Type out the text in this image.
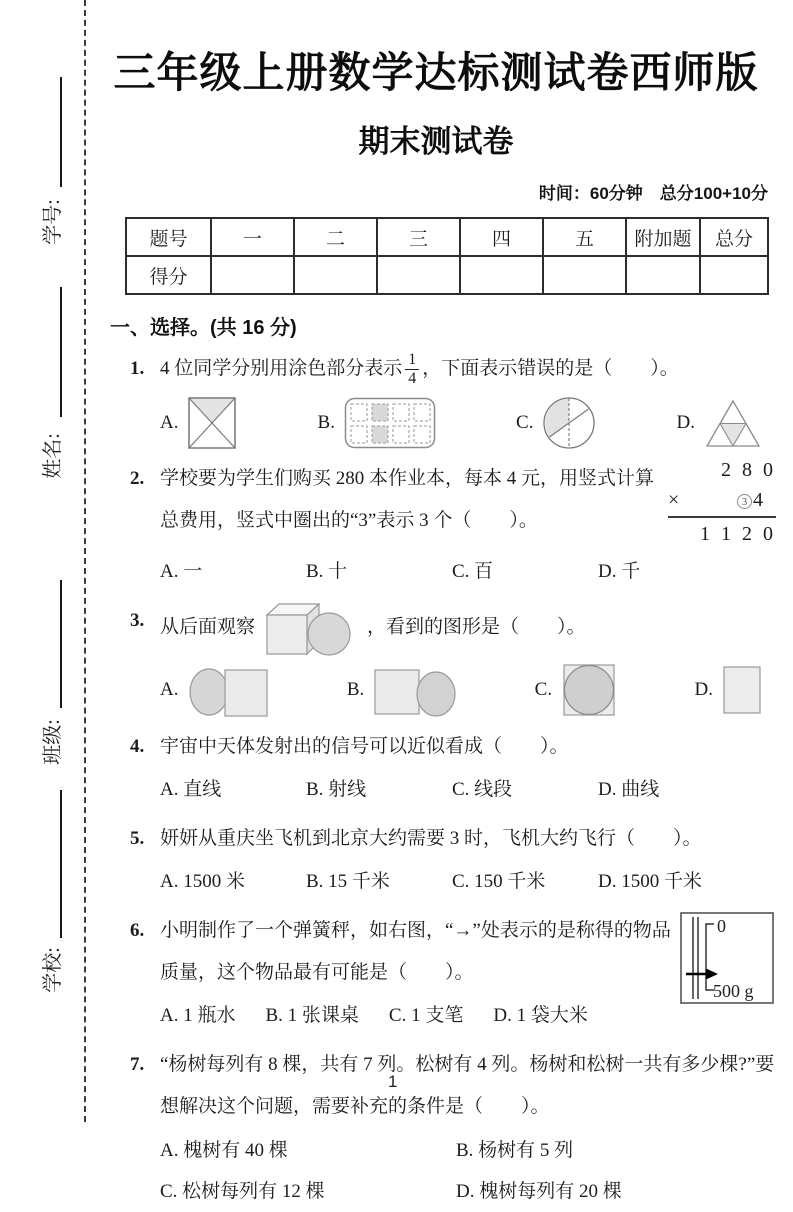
学号:
姓名:
班级:
学校:
三年级上册数学达标测试卷西师版
期末测试卷
时间：60分钟　总分100+10分
题号	一	二	三	四	五	附加题	总分
得分							
一、选择。(共 16 分)
1. 4 位同学分别用涂色部分表示 $\frac{1}{4}$ ，下面表示错误的是（　　）。
A.	B.	C.	D.
2. 学校要为学生们购买 280 本作业本，每本 4 元，用竖式计算总费用，竖式中圈出的“3”表示 3 个（　　）。
2 8 0
×	3 4
1 1 2 0
A. 一	B. 十	C. 百	D. 千
3. 从后面观察	，看到的图形是（　　）。
A.	B.	C.	D.
4. 宇宙中天体发射出的信号可以近似看成（　　）。
A. 直线	B. 射线	C. 线段	D. 曲线
5. 妍妍从重庆坐飞机到北京大约需要 3 时，飞机大约飞行（　　）。
A. 1500 米	B. 15 千米	C. 150 千米	D. 1500 千米
6. 小明制作了一个弹簧秤，如右图，“→”处表示的是称得的物品质量，这个物品最有可能是（　　）。
A. 1 瓶水 B. 1 张课桌 C. 1 支笔 D. 1 袋大米
0
500 g
7. “杨树每列有 8 棵，共有 7 列。松树有 4 列。杨树和松树一共有多少棵?”要想解决这个问题，需要补充的条件是（　　）。
A. 槐树有 40 棵	B. 杨树有 5 列
C. 松树每列有 12 棵	D. 槐树每列有 20 棵
1
